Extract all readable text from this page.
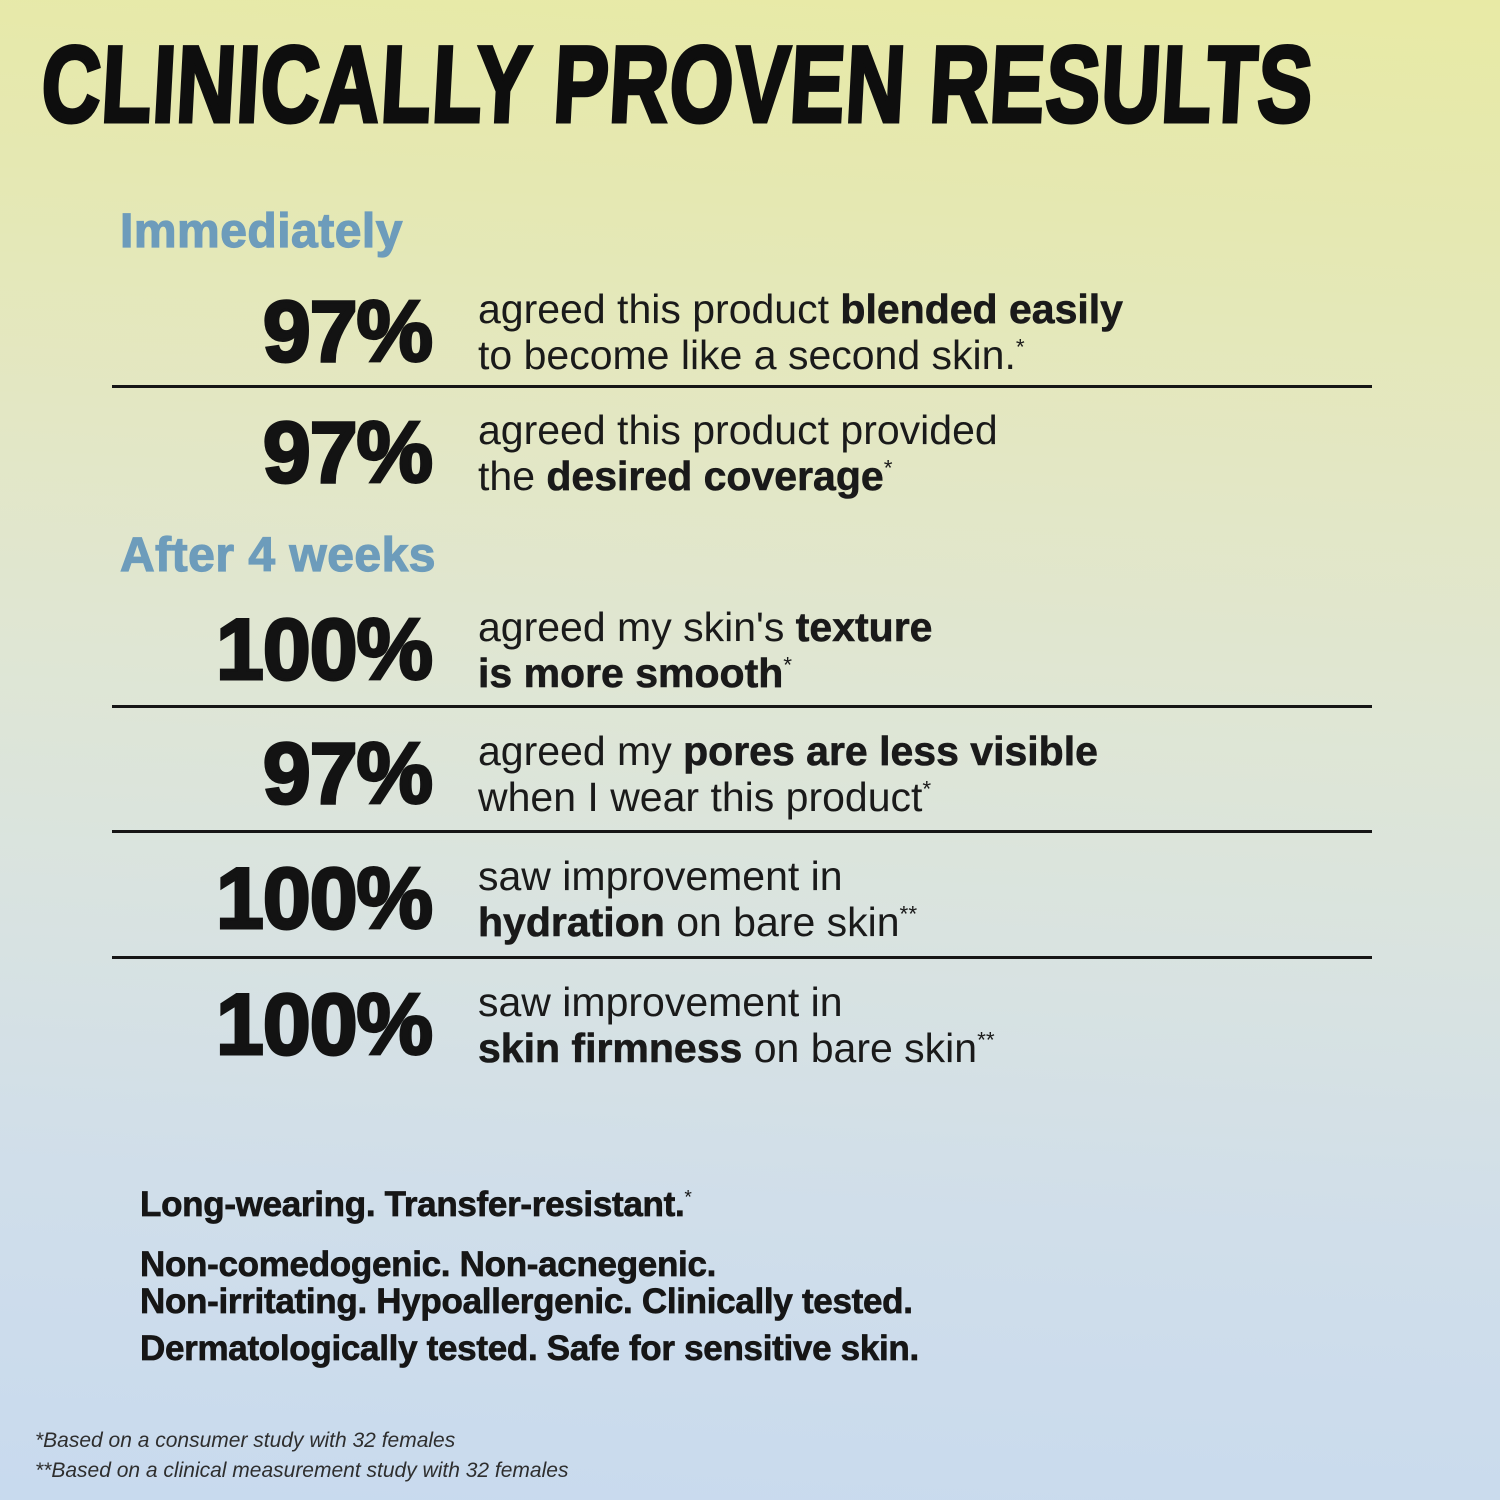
CLINICALLY PROVEN RESULTS
Immediately
97% agreed this product blended easily
to become like a second skin.*
97% agreed this product provided
the desired coverage*
After 4 weeks
100% agreed my skin's texture
is more smooth*
97% agreed my pores are less visible
when I wear this product*
100% saw improvement in
hydration on bare skin**
100% saw improvement in
skin firmness on bare skin**

Long-wearing. Transfer-resistant.*

Non-comedogenic. Non-acnegenic.
Non-irritating. Hypoallergenic. Clinically tested.

Dermatologically tested. Safe for sensitive skin.

*Based on a consumer study with 32 females
**Based on a clinical measurement study with 32 females
